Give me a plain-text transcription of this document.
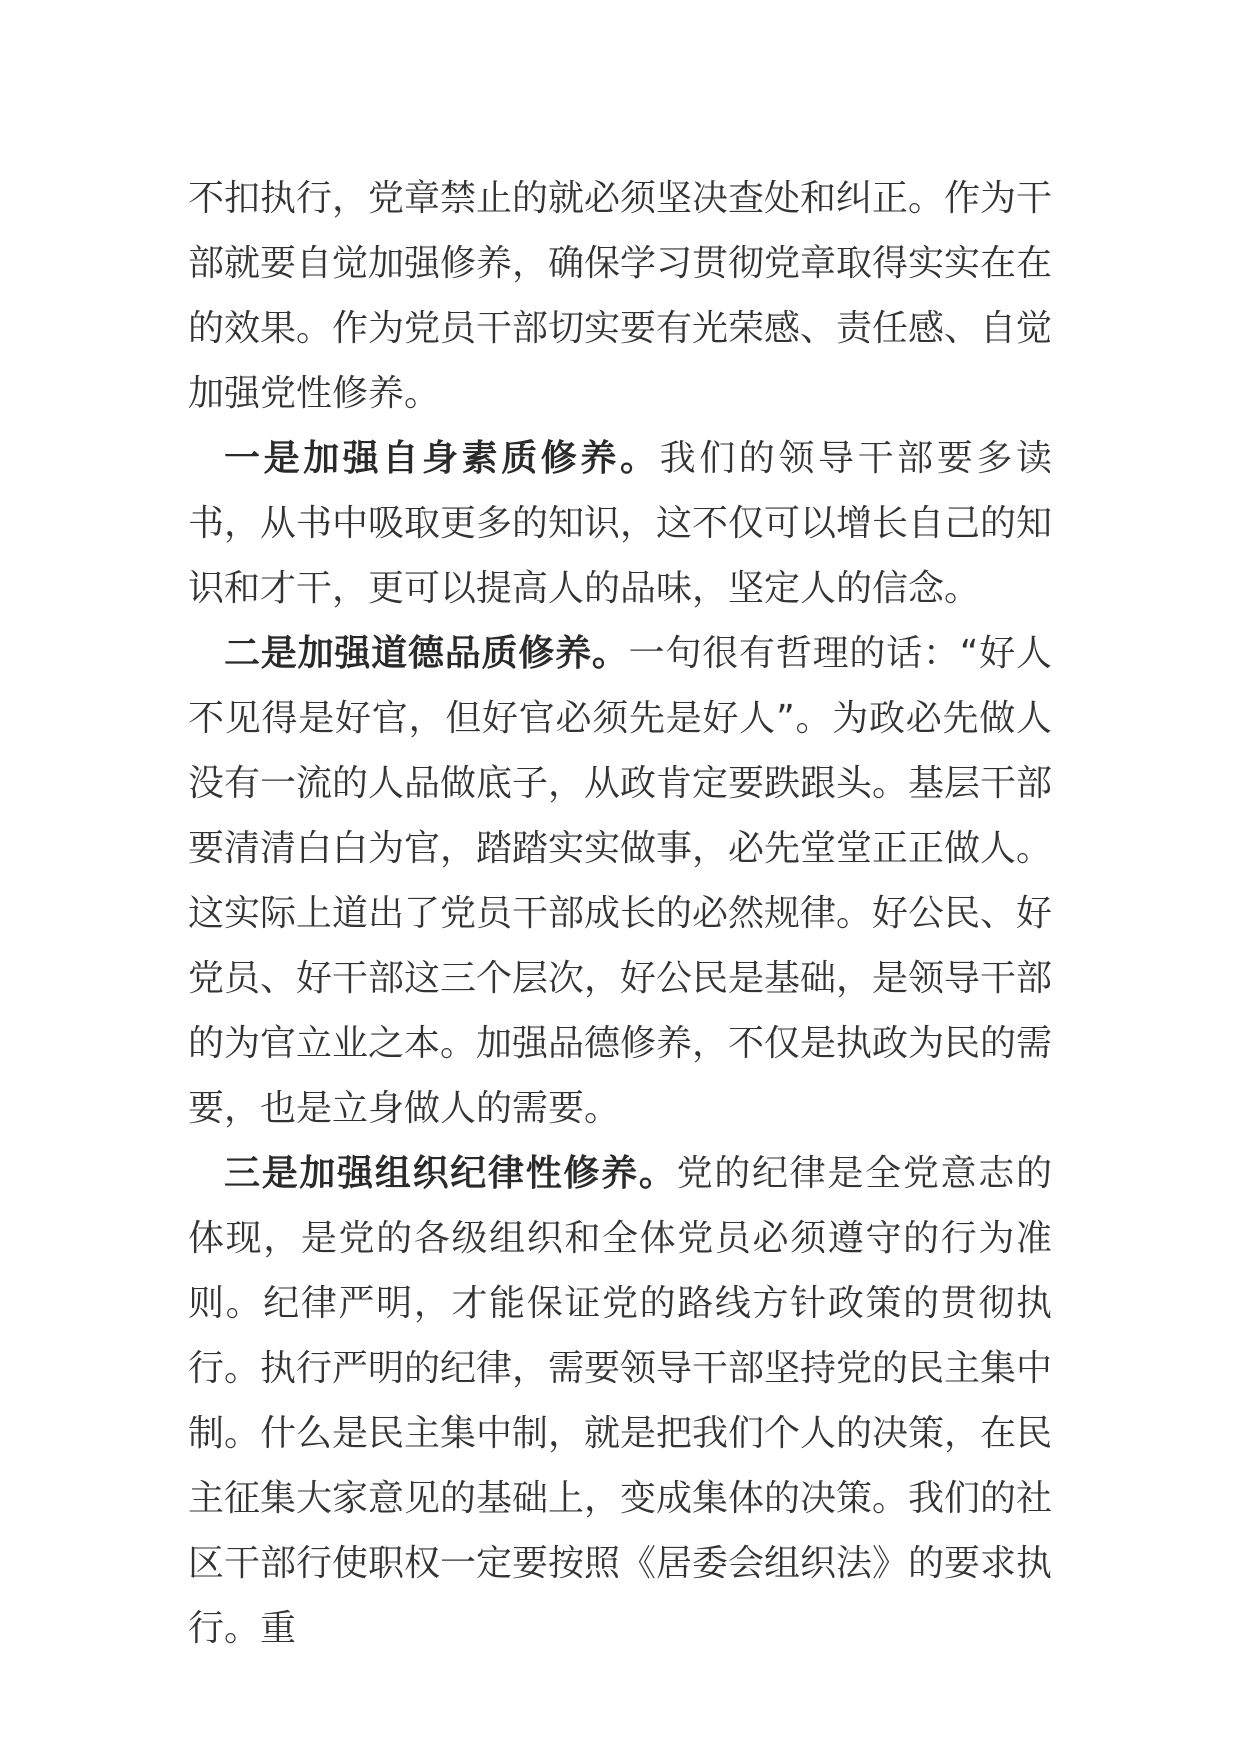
不扣执行，党章禁止的就必须坚决查处和纠正。作为干部就要自觉加强修养，确保学习贯彻党章取得实实在在的效果。作为党员干部切实要有光荣感、责任感、自觉加强党性修养。

一是加强自身素质修养。我们的领导干部要多读书，从书中吸取更多的知识，这不仅可以增长自己的知识和才干，更可以提高人的品味，坚定人的信念。

二是加强道德品质修养。一句很有哲理的话：“好人不见得是好官，但好官必须先是好人”。为政必先做人没有一流的人品做底子，从政肯定要跌跟头。基层干部要清清白白为官，踏踏实实做事，必先堂堂正正做人。这实际上道出了党员干部成长的必然规律。好公民、好党员、好干部这三个层次，好公民是基础，是领导干部的为官立业之本。加强品德修养，不仅是执政为民的需要，也是立身做人的需要。

三是加强组织纪律性修养。党的纪律是全党意志的体现，是党的各级组织和全体党员必须遵守的行为准则。纪律严明，才能保证党的路线方针政策的贯彻执行。执行严明的纪律，需要领导干部坚持党的民主集中制。什么是民主集中制，就是把我们个人的决策，在民主征集大家意见的基础上，变成集体的决策。我们的社区干部行使职权一定要按照《居委会组织法》的要求执行。重
